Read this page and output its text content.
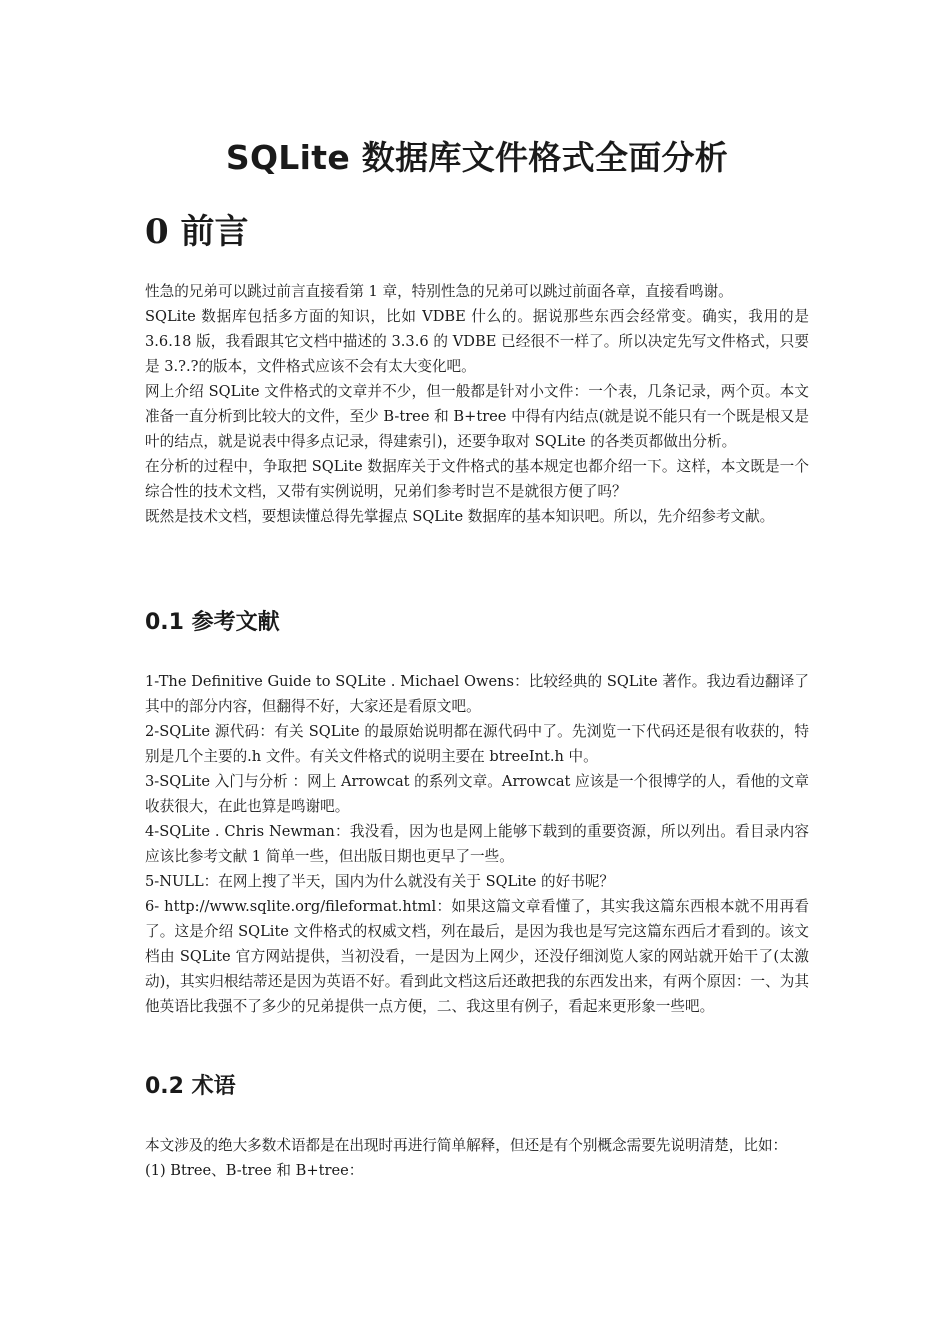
SQLite 数据库文件格式全面分析
0 前言

性急的兄弟可以跳过前言直接看第 1 章，特别性急的兄弟可以跳过前面各章，直接看鸣谢。

SQLite 数据库包括多方面的知识，比如 VDBE 什么的。据说那些东西会经常变。确实，我用的是 3.6.18 版，我看跟其它文档中描述的 3.3.6 的 VDBE 已经很不一样了。所以决定先写文件格式，只要是 3.?.?的版本，文件格式应该不会有太大变化吧。

网上介绍 SQLite 文件格式的文章并不少，但一般都是针对小文件：一个表，几条记录，两个页。本文准备一直分析到比较大的文件，至少 B-tree 和 B+tree 中得有内结点(就是说不能只有一个既是根又是叶的结点，就是说表中得多点记录，得建索引)，还要争取对 SQLite 的各类页都做出分析。

在分析的过程中，争取把 SQLite 数据库关于文件格式的基本规定也都介绍一下。这样，本文既是一个综合性的技术文档，又带有实例说明，兄弟们参考时岂不是就很方便了吗？

既然是技术文档，要想读懂总得先掌握点 SQLite 数据库的基本知识吧。所以，先介绍参考文献。

0.1 参考文献

1-The Definitive Guide to SQLite . Michael Owens：比较经典的 SQLite 著作。我边看边翻译了其中的部分内容，但翻得不好，大家还是看原文吧。

2-SQLite 源代码：有关 SQLite 的最原始说明都在源代码中了。先浏览一下代码还是很有收获的，特别是几个主要的.h 文件。有关文件格式的说明主要在 btreeInt.h 中。

3-SQLite 入门与分析 ：网上 Arrowcat 的系列文章。Arrowcat 应该是一个很博学的人，看他的文章收获很大，在此也算是鸣谢吧。

4-SQLite . Chris Newman：我没看，因为也是网上能够下载到的重要资源，所以列出。看目录内容应该比参考文献 1 简单一些，但出版日期也更早了一些。

5-NULL：在网上搜了半天，国内为什么就没有关于 SQLite 的好书呢？

6- http://www.sqlite.org/fileformat.html：如果这篇文章看懂了，其实我这篇东西根本就不用再看了。这是介绍 SQLite 文件格式的权威文档，列在最后，是因为我也是写完这篇东西后才看到的。该文档由 SQLite 官方网站提供，当初没看，一是因为上网少，还没仔细浏览人家的网站就开始干了(太激动)，其实归根结蒂还是因为英语不好。看到此文档这后还敢把我的东西发出来，有两个原因：一、为其他英语比我强不了多少的兄弟提供一点方便，二、我这里有例子，看起来更形象一些吧。

0.2 术语

本文涉及的绝大多数术语都是在出现时再进行简单解释，但还是有个别概念需要先说明清楚，比如：

(1) Btree、B-tree 和 B+tree：
